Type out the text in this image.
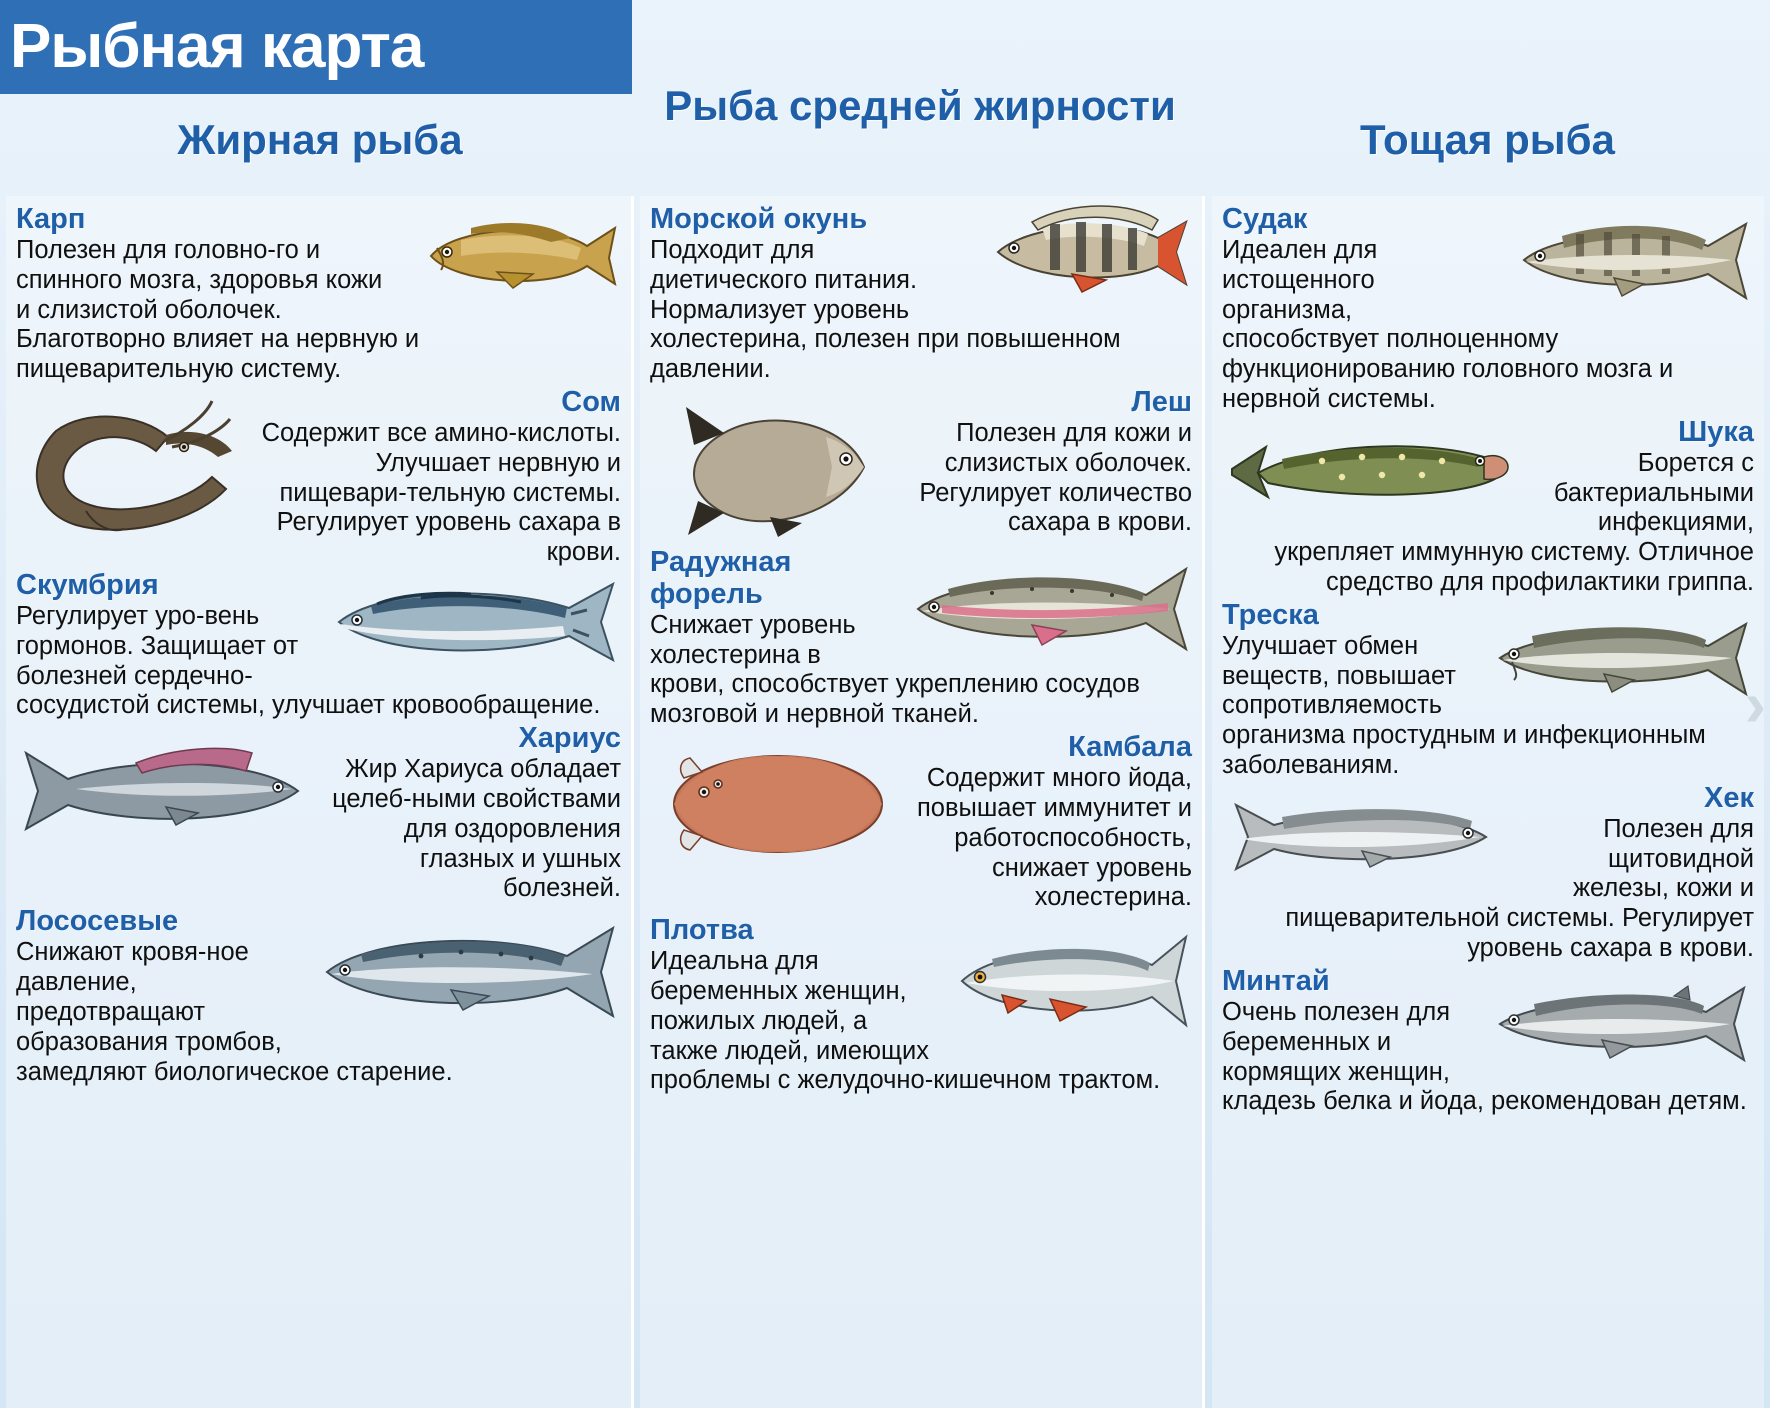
Рыбная карта
Жирная рыба
Рыба средней жирности
Тощая рыба
Карп

Полезен для головно-го и спинного мозга, здоровья кожи и слизистой оболочек. Благотворно влияет на нервную и пищеварительную систему.

Сом

Содержит все амино-кислоты. Улучшает нервную и пищевари-тельную системы. Регулирует уровень сахара в крови.

Скумбрия

Регулирует уро-вень гормонов. Защищает от болезней сердечно-сосудистой системы, улучшает кровообращение.

Хариус

Жир Хариуса обладает целеб-ными свойствами для оздоровления глазных и ушных болезней.

Лососевые

Снижают кровя-ное давление, предотвращают образования тромбов, замедляют биологическое старение.

Морской окунь

Подходит для диетического питания. Нормализует уровень холестерина, полезен при повышенном давлении.

Леш

Полезен для кожи и слизистых оболочек. Регулирует количество сахара в крови.

Радужная форель

Снижает уровень холестерина в крови, способствует укреплению сосудов мозговой и нервной тканей.

Камбала

Содержит много йода, повышает иммунитет и работоспособность, снижает уровень холестерина.

Плотва

Идеальна для беременных женщин, пожилых людей, а также людей, имеющих проблемы с желудочно-кишечном трактом.

Судак

Идеален для истощенного организма, способствует полноценному функционированию головного мозга и нервной системы.

Шука

Борется с бактериальными инфекциями, укрепляет иммунную систему. Отличное средство для профилактики гриппа.

Треска

Улучшает обмен веществ, повышает сопротивляемость организма простудным и инфекционным заболеваниям.

Хек

Полезен для щитовидной железы, кожи и пищеварительной системы. Регулирует уровень сахара в крови.

Минтай

Очень полезен для беременных и кормящих женщин, кладезь белка и йода, рекомендован детям.

›
